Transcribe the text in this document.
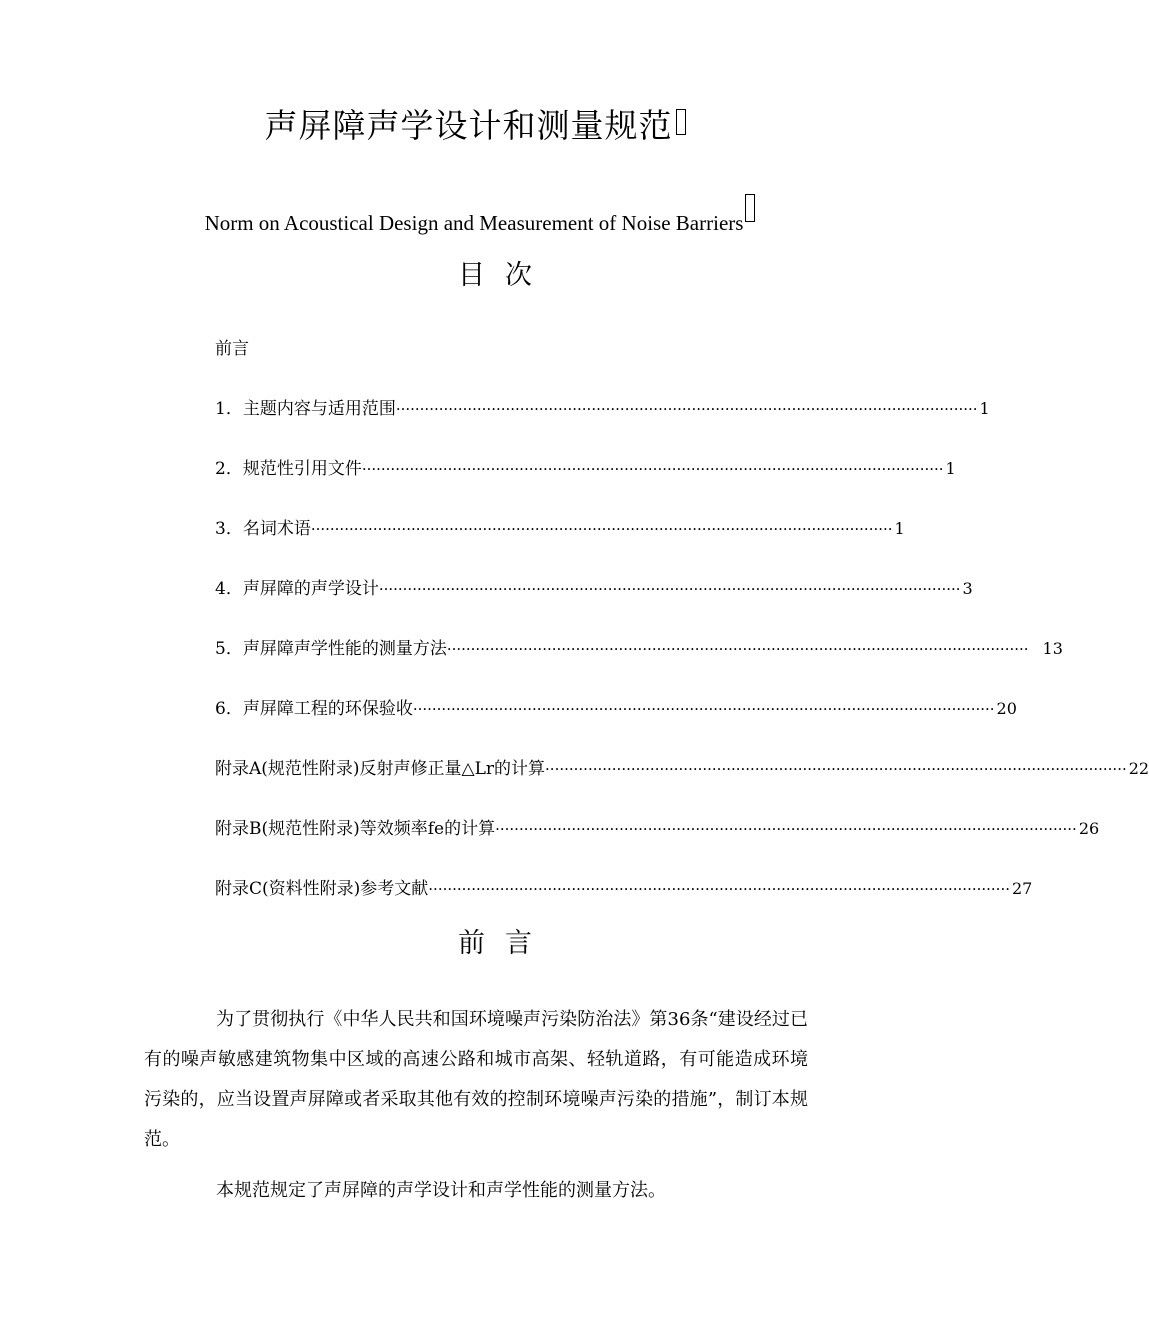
声屏障声学设计和测量规范
Norm on Acoustical Design and Measurement of Noise Barriers
目次
前言
1．主题内容与适用范围 ·························································································································· 1
2．规范性引用文件 ·························································································································· 1
3．名词术语 ·························································································································· 1
4．声屏障的声学设计 ·························································································································· 3
5．声屏障声学性能的测量方法 ·························································································································· 13
6．声屏障工程的环保验收 ·························································································································· 20
附录A(规范性附录)反射声修正量△Lr的计算 ·························································································································· 22
附录B(规范性附录)等效频率fe的计算 ·························································································································· 26
附录C(资料性附录)参考文献 ·························································································································· 27
前言
为了贯彻执行《中华人民共和国环境噪声污染防治法》第36条“建设经过已有的噪声敏感建筑物集中区域的高速公路和城市高架、轻轨道路，有可能造成环境污染的，应当设置声屏障或者采取其他有效的控制环境噪声污染的措施”，制订本规范。
本规范规定了声屏障的声学设计和声学性能的测量方法。
